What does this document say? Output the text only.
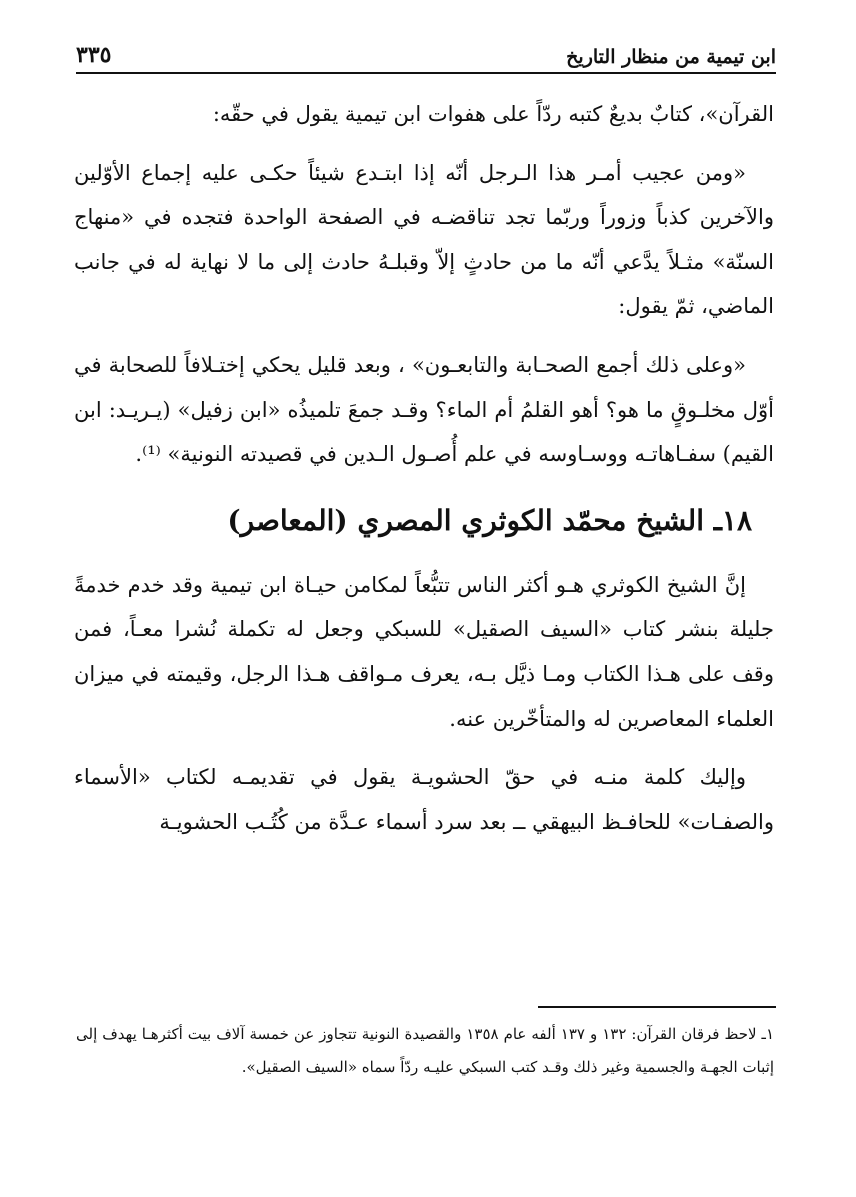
ابن تيمية من منظار التاريخ
٣٣٥

القرآن»، كتابٌ بديعٌ كتبه ردّاً على هفوات ابن تيمية يقول في حقّه:

«ومن عجيب أمـر هذا الـرجل أنّه إذا ابتـدع شيئاً حكـى عليه إجماع الأوّلين والآخرين كذباً وزوراً وربّما تجد تناقضـه في الصفحة الواحدة فتجده في «منهاج السنّة» مثـلاً يدَّعي أنّه ما من حادثٍ إلاّ وقبلـهُ حادث إلى ما لا نهاية له في جانب الماضي، ثمّ يقول:

«وعلى ذلك أجمع الصحـابة والتابعـون» ، وبعد قليل يحكي إختـلافاً للصحابة في أوّل مخلـوقٍ ما هو؟ أهو القلمُ أم الماء؟ وقـد جمعَ تلميذُه «ابن زفيل» (يـريـد: ابن القيم) سفـاهاتـه ووسـاوسه في علم أُصـول الـدين في قصيدته النونية» ⁽¹⁾.

١٨ـ الشيخ محمّد الكوثري المصري (المعاصر)

إنَّ الشيخ الكوثري هـو أكثر الناس تتبُّعاً لمكامن حيـاة ابن تيمية وقد خدم خدمةً جليلة بنشر كتاب «السيف الصقيل» للسبكي وجعل له تكملة نُشرا معـاً، فمن وقف على هـذا الكتاب ومـا ذيَّل بـه، يعرف مـواقف هـذا الرجل، وقيمته في ميزان العلماء المعاصرين له والمتأخّرين عنه.

وإليك كلمة منـه في حقّ الحشويـة يقول في تقديمـه لكتاب «الأسماء والصفـات» للحافـظ البيهقي ــ بعد سرد أسماء عـدَّة من كُتُـب الحشويـة

١ـ لاحظ فرقان القرآن: ١٣٢ و ١٣٧ ألفه عام ١٣٥٨ والقصيدة النونية تتجاوز عن خمسة آلاف بيت أكثرهـا يهدف إلى إثبات الجهـة والجسمية وغير ذلك وقـد كتب السبكي عليـه ردّاً سماه «السيف الصقيل».
